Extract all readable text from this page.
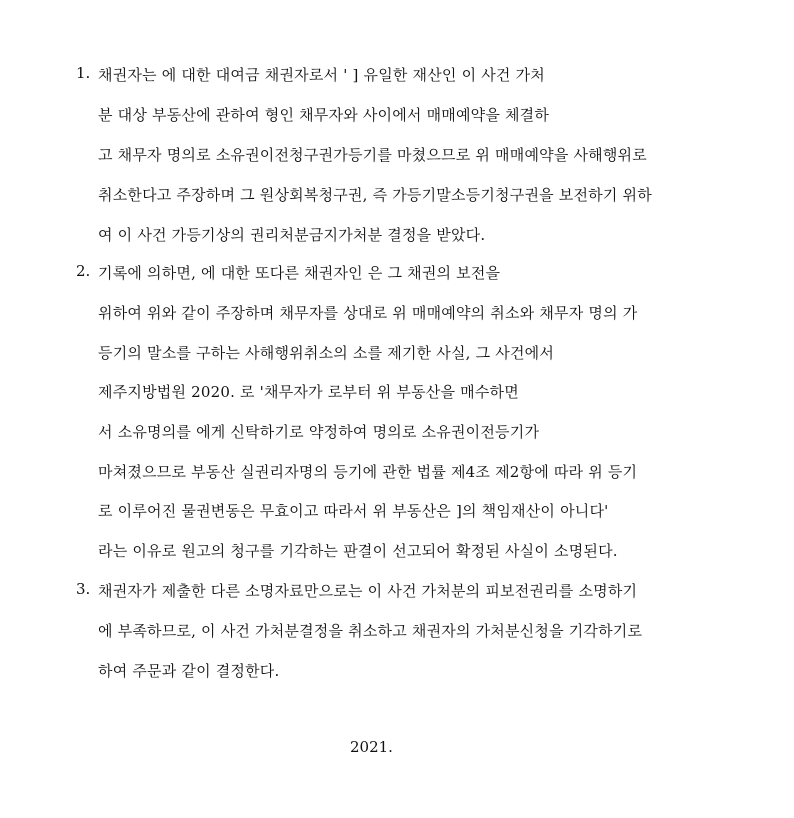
1. 채권자는 에 대한 대여금 채권자로서 ' ] 유일한 재산인 이 사건 가처
분 대상 부동산에 관하여 형인 채무자와 사이에서 매매예약을 체결하
고 채무자 명의로 소유권이전청구권가등기를 마쳤으므로 위 매매예약을 사해행위로
취소한다고 주장하며 그 원상회복청구권, 즉 가등기말소등기청구권을 보전하기 위하
여 이 사건 가등기상의 권리처분금지가처분 결정을 받았다.
2. 기록에 의하면, 에 대한 또다른 채권자인 은 그 채권의 보전을
위하여 위와 같이 주장하며 채무자를 상대로 위 매매예약의 취소와 채무자 명의 가
등기의 말소를 구하는 사해행위취소의 소를 제기한 사실, 그 사건에서
제주지방법원 2020. 로 '채무자가 로부터 위 부동산을 매수하면
서 소유명의를 에게 신탁하기로 약정하여 명의로 소유권이전등기가
마쳐졌으므로 부동산 실권리자명의 등기에 관한 법률 제4조 제2항에 따라 위 등기
로 이루어진 물권변동은 무효이고 따라서 위 부동산은 ]의 책임재산이 아니다'
라는 이유로 원고의 청구를 기각하는 판결이 선고되어 확정된 사실이 소명된다.
3. 채권자가 제출한 다른 소명자료만으로는 이 사건 가처분의 피보전권리를 소명하기
에 부족하므로, 이 사건 가처분결정을 취소하고 채권자의 가처분신청을 기각하기로
하여 주문과 같이 결정한다.
2021.
